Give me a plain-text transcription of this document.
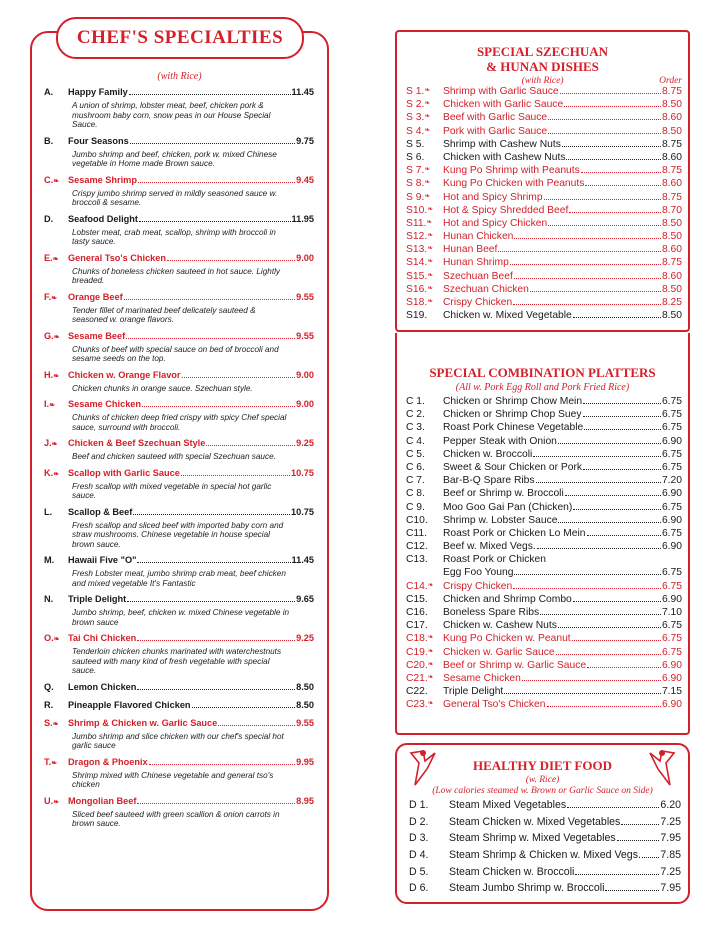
CHEF'S SPECIALTIES
(with Rice)
A.	Happy Family	11.45
A union of shrimp, lobster meat, beef, chicken pork & mushroom baby corn, snow peas in our House Special Sauce.
B.	Four Seasons	9.75
Jumbo shrimp and beef, chicken, pork w. mixed Chinese vegetable in Home made Brown sauce.
C.❧ Sesame Shrimp	9.45
Crispy jumbo shrimp served in mildly seasoned sauce w. broccoli & sesame.
D.	Seafood Delight	11.95
Lobster meat, crab meat, scallop, shrimp with broccoli in tasty sauce.
E.❧	General Tso's Chicken	9.00
Chunks of boneless chicken sauteed in hot sauce. Lightly breaded.
F.❧	Orange Beef	9.55
Tender fillet of marinated beef delicately sauteed & seasoned w. orange flavors.
G.❧ Sesame Beef	9.55
Chunks of beef with special sauce on bed of broccoli and sesame seeds on the top.
H.❧ Chicken w. Orange Flavor	9.00
Chicken chunks in orange sauce. Szechuan style.
I.❧	Sesame Chicken	9.00
Chunks of chicken deep fried crispy with spicy Chef special sauce, surround with broccoli.
J.❧	Chicken & Beef Szechuan Style	9.25
Beef and chicken sauteed with special Szechuan sauce.
K.❧ Scallop with Garlic Sauce	10.75
Fresh scallop with mixed vegetable in special hot garlic sauce.
L.	Scallop & Beef	10.75
Fresh scallop and sliced beef with imported baby corn and straw mushrooms. Chinese vegetable in house special brown sauce.
M.	Hawaii Five "O"	11.45
Fresh Lobster meat, jumbo shrimp crab meat, beef chicken and mixed vegetable It's Fantastic
N.	Triple Delight	9.65
Jumbo shrimp, beef, chicken w. mixed Chinese vegetable in brown sauce
O.❧ Tai Chi Chicken	9.25
Tenderloin chicken chunks marinated with waterchestnuts sauteed with many kind of fresh vegetable with special sauce.
Q.	Lemon Chicken	8.50
R.	Pineapple Flavored Chicken	8.50
S.❧	Shrimp & Chicken w. Garlic Sauce	9.55
Jumbo shrimp and slice chicken with our chef's special hot garlic sauce
T.❧	Dragon & Phoenix	9.95
Shrimp mixed with Chinese vegetable and general tso's chicken
U.❧ Mongolian Beef	8.95
Sliced beef sauteed with green scallion & onion carrots in brown sauce.
SPECIAL SZECHUAN
& HUNAN DISHES
(with Rice)	Order
S 1. ❧	Shrimp with Garlic Sauce	8.75
S 2. ❧	Chicken with Garlic Sauce	8.50
S 3. ❧	Beef with Garlic Sauce	8.60
S 4. ❧	Pork with Garlic Sauce	8.50
S 5.	Shrimp with Cashew Nuts	8.75
S 6.	Chicken with Cashew Nuts	8.60
S 7. ❧	Kung Po Shrimp with Peanuts	8.75
S 8. ❧	Kung Po Chicken with Peanuts	8.60
S 9. ❧	Hot and Spicy Shrimp	8.75
S10. ❧ Hot & Spicy Shredded Beef	8.70
S11. ❧	Hot and Spicy Chicken	8.50
S12. ❧ Hunan Chicken	8.50
S13. ❧ Hunan Beef	8.60
S14. ❧ Hunan Shrimp	8.75
S15. ❧ Szechuan Beef	8.60
S16. ❧ Szechuan Chicken	8.50
S18. ❧ Crispy Chicken	8.25
S19.	Chicken w. Mixed Vegetable	8.50
SPECIAL COMBINATION PLATTERS
(All w. Pork Egg Roll and Pork Fried Rice)
C 1.	Chicken or Shrimp Chow Mein	6.75
C 2.	Chicken or Shrimp Chop Suey	6.75
C 3.	Roast Pork Chinese Vegetable	6.75
C 4.	Pepper Steak with Onion	6.90
C 5.	Chicken w. Broccoli	6.75
C 6.	Sweet & Sour Chicken or Pork	6.75
C 7.	Bar-B-Q Spare Ribs	7.20
C 8.	Beef or Shrimp w. Broccoli	6.90
C 9.	Moo Goo Gai Pan (Chicken)	6.75
C10.	Shrimp w. Lobster Sauce	6.90
C11.	Roast Pork or Chicken Lo Mein	6.75
C12.	Beef w. Mixed Vegs.	6.90
C13.	Roast Pork or Chicken
Egg Foo Young	6.75
C14. ❧ Crispy Chicken	6.75
C15.	Chicken and Shrimp Combo	6.90
C16.	Boneless Spare Ribs	7.10
C17.	Chicken w. Cashew Nuts	6.75
C18. ❧ Kung Po Chicken w. Peanut	6.75
C19. ❧ Chicken w. Garlic Sauce	6.75
C20. ❧ Beef or Shrimp w. Garlic Sauce	6.90
C21. ❧ Sesame Chicken	6.90
C22.	Triple Delight	7.15
C23. ❧ General Tso's Chicken	6.90
HEALTHY DIET FOOD
(w. Rice)
(Low calories steamed w. Brown or Garlic Sauce on Side)
D 1.	Steam Mixed Vegetables	6.20
D 2.	Steam Chicken w. Mixed Vegetables	7.25
D 3.	Steam Shrimp w. Mixed Vegetables	7.95
D 4.	Steam Shrimp & Chicken w. Mixed Vegs. 7.85
D 5.	Steam Chicken w. Broccoli	7.25
D 6.	Steam Jumbo Shrimp w. Broccoli	7.95
